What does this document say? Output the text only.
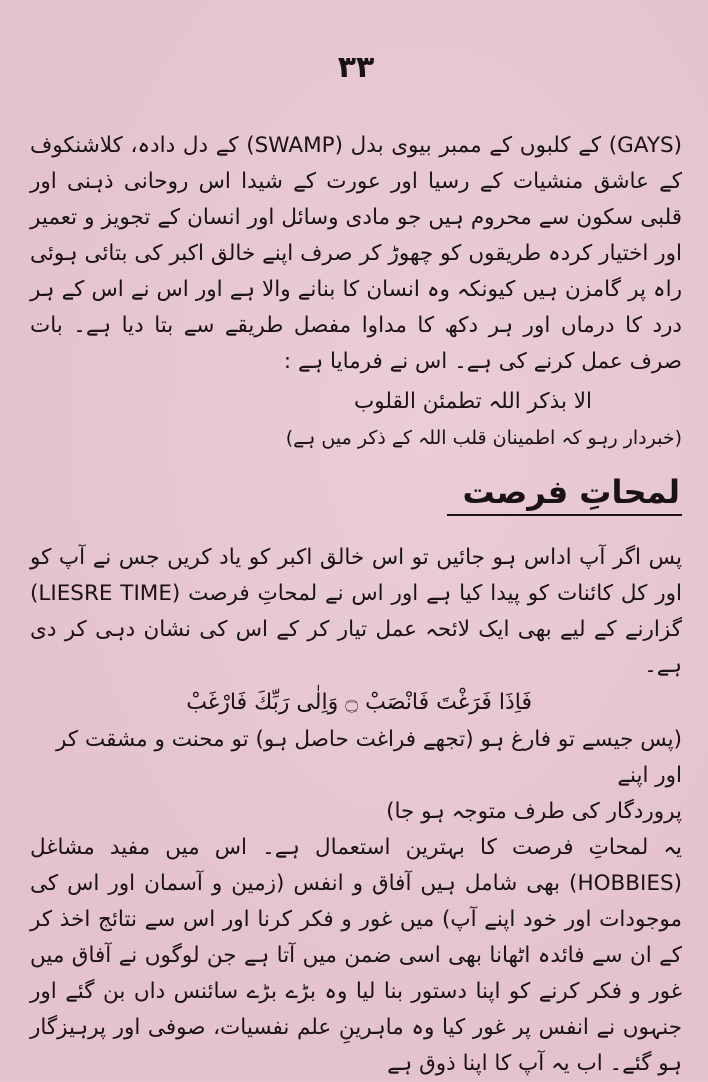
۳۳

(GAYS) کے کلبوں کے ممبر بیوی بدل (SWAMP) کے دل دادہ، کلاشنکوف کے عاشق منشیات کے رسیا اور عورت کے شیدا اس روحانی ذہنی اور قلبی سکون سے محروم ہیں جو مادی وسائل اور انسان کے تجویز و تعمیر اور اختیار کردہ طریقوں کو چھوڑ کر صرف اپنے خالق اکبر کی بتائی ہوئی راہ پر گامزن ہیں کیونکہ وہ انسان کا بنانے والا ہے اور اس نے اس کے ہر درد کا درماں اور ہر دکھ کا مداوا مفصل طریقے سے بتا دیا ہے۔ بات صرف عمل کرنے کی ہے۔ اس نے فرمایا ہے :

الا بذکر اللہ تطمئن القلوب

(خبردار رہو کہ اطمینان قلب اللہ کے ذکر میں ہے)

لمحاتِ فرصت

پس اگر آپ اداس ہو جائیں تو اس خالق اکبر کو یاد کریں جس نے آپ کو اور کل کائنات کو پیدا کیا ہے اور اس نے لمحاتِ فرصت (LIESRE TIME) گزارنے کے لیے بھی ایک لائحہ عمل تیار کر کے اس کی نشان دہی کر دی ہے۔

فَاِذَا فَرَغْتَ فَانْصَبْ ۝ وَاِلٰى رَبِّكَ فَارْغَبْ

(پس جیسے تو فارغ ہو (تجھے فراغت حاصل ہو) تو محنت و مشقت کر اور اپنے

پروردگار کی طرف متوجہ ہو جا)

یہ لمحاتِ فرصت کا بہترین استعمال ہے۔ اس میں مفید مشاغل (HOBBIES) بھی شامل ہیں آفاق و انفس (زمین و آسمان اور اس کی موجودات اور خود اپنے آپ) میں غور و فکر کرنا اور اس سے نتائج اخذ کر کے ان سے فائدہ اٹھانا بھی اسی ضمن میں آتا ہے جن لوگوں نے آفاق میں غور و فکر کرنے کو اپنا دستور بنا لیا وہ بڑے بڑے سائنس داں بن گئے اور جنہوں نے انفس پر غور کیا وہ ماہرینِ علم نفسیات، صوفی اور پرہیزگار ہو گئے۔ اب یہ آپ کا اپنا ذوق ہے
